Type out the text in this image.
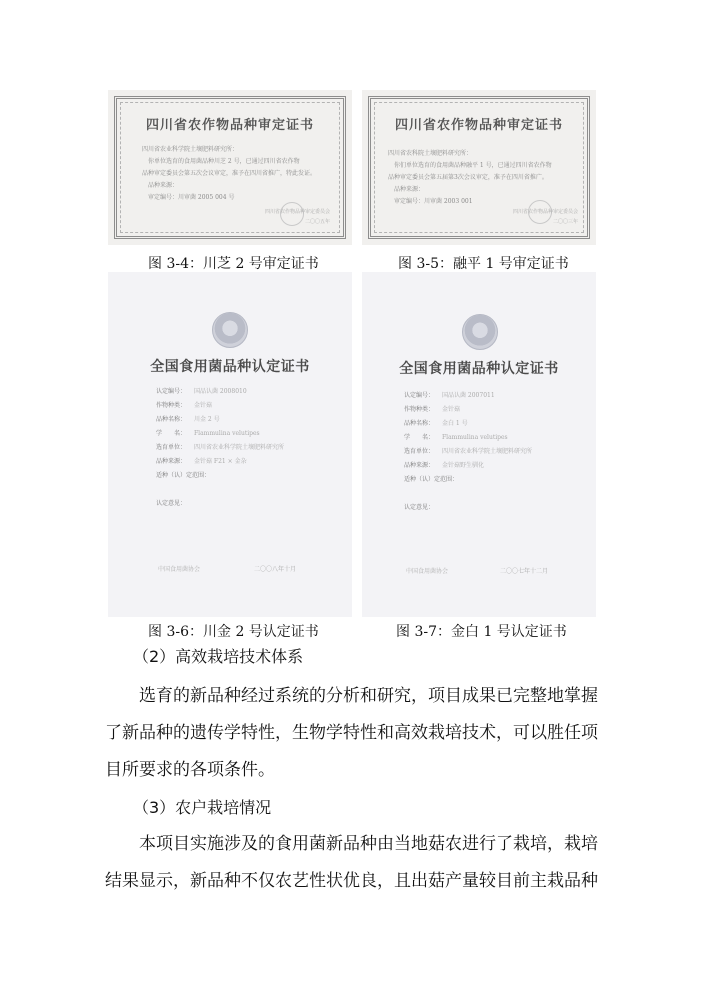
四川省农作物品种审定证书
四川省农业科学院土壤肥料研究所：
你单位选育的食用菌品种川芝 2 号，已通过四川省农作物
品种审定委员会第五次会议审定，准予在四川省推广，特此发证。
品种来源：
审定编号：川审菌 2005 004 号
四川省农作物品种审定委员会
二〇〇五年
图 3-4：川芝 2 号审定证书
四川省农作物品种审定证书
四川省农科院土壤肥料研究所：
你们单位选育的食用菌品种融平 1 号，已通过四川省农作物
品种审定委员会第五届第3次会议审定，准予在四川省推广。
品种来源：
审定编号：川审菌 2003 001
四川省农作物品种审定委员会
二〇〇三年
图 3-5：融平 1 号审定证书
全国食用菌品种认定证书
认定编号： 国品认菌 2008010
作物种类： 金针菇
品种名称： 川金 2 号
学　　名： Flammulina velutipes
选育单位： 四川省农业科学院土壤肥料研究所
品种来源： 金针菇 F21 × 金杂
适种（认）定范围：
认定意见：
中国食用菌协会	二〇〇八年十月
图 3-6：川金 2 号认定证书
全国食用菌品种认定证书
认定编号： 国品认菌 2007011
作物种类： 金针菇
品种名称： 金白 1 号
学　　名： Flammulina velutipes
选育单位： 四川省农业科学院土壤肥料研究所
品种来源： 金针菇野生驯化
适种（认）定范围：
认定意见：
中国食用菌协会	二〇〇七年十二月
图 3-7：金白 1 号认定证书
（2）高效栽培技术体系
选育的新品种经过系统的分析和研究，项目成果已完整地掌握
了新品种的遗传学特性，生物学特性和高效栽培技术，可以胜任项
目所要求的各项条件。
（3）农户栽培情况
本项目实施涉及的食用菌新品种由当地菇农进行了栽培，栽培
结果显示，新品种不仅农艺性状优良，且出菇产量较目前主栽品种
